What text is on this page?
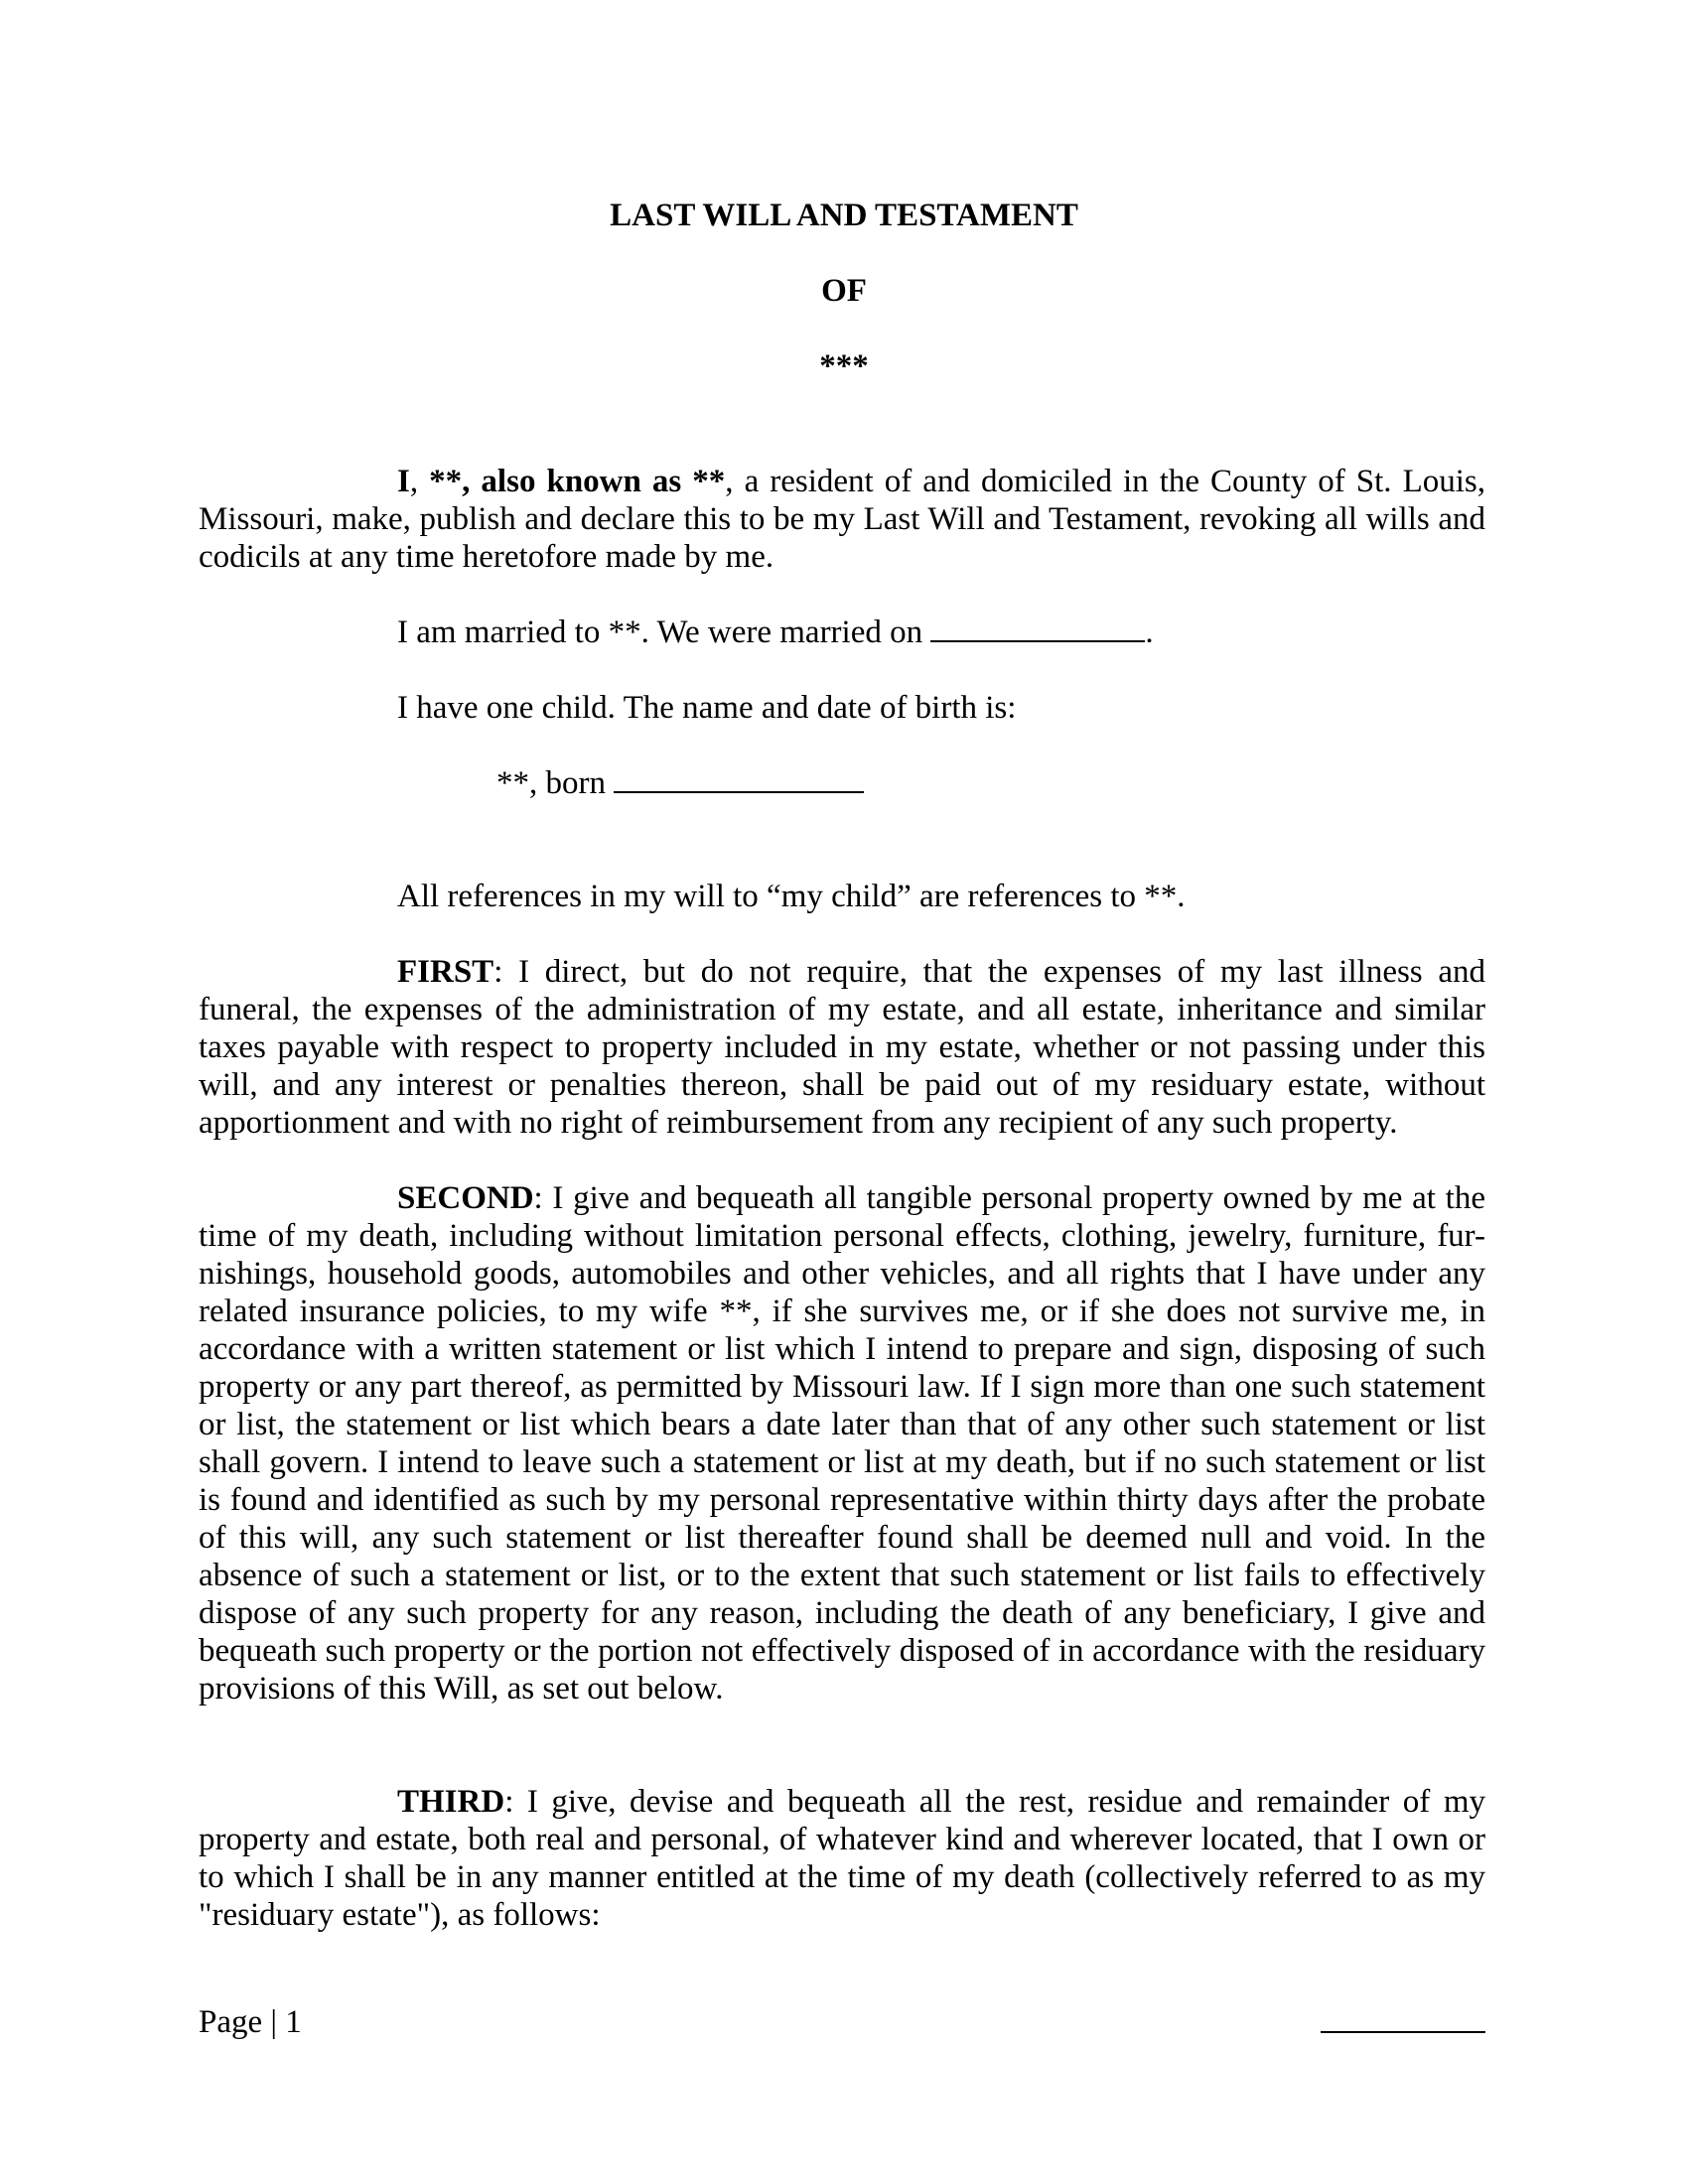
LAST WILL AND TESTAMENT
OF
***
I, **, also known as **, a resident of and domiciled in the County of St. Louis, Missouri, make, publish and declare this to be my Last Will and Testament, revoking all wills and codicils at any time heretofore made by me.
I am married to **. We were married on	.
I have one child. The name and date of birth is:
**, born
All references in my will to “my child” are references to **.
FIRST: I direct, but do not require, that the expenses of my last illness and funeral, the expenses of the administration of my estate, and all estate, inheritance and similar taxes payable with respect to property included in my estate, whether or not passing under this will, and any interest or penalties thereon, shall be paid out of my residuary estate, without apportionment and with no right of reimbursement from any recipient of any such property.
SECOND: I give and bequeath all tangible personal property owned by me at the time of my death, including without limitation personal effects, clothing, jewelry, furniture, fur-nishings, household goods, automobiles and other vehicles, and all rights that I have under any related insurance policies, to my wife **, if she survives me, or if she does not survive me, in accordance with a written statement or list which I intend to prepare and sign, disposing of such property or any part thereof, as permitted by Missouri law. If I sign more than one such statement or list, the statement or list which bears a date later than that of any other such statement or list shall govern. I intend to leave such a statement or list at my death, but if no such statement or list is found and identified as such by my personal representative within thirty days after the probate of this will, any such statement or list thereafter found shall be deemed null and void. In the absence of such a statement or list, or to the extent that such statement or list fails to effectively dispose of any such property for any reason, including the death of any beneficiary, I give and bequeath such property or the portion not effectively disposed of in accordance with the residuary provisions of this Will, as set out below.
THIRD: I give, devise and bequeath all the rest, residue and remainder of my property and estate, both real and personal, of whatever kind and wherever located, that I own or to which I shall be in any manner entitled at the time of my death (collectively referred to as my "residuary estate"), as follows:
Page | 1
